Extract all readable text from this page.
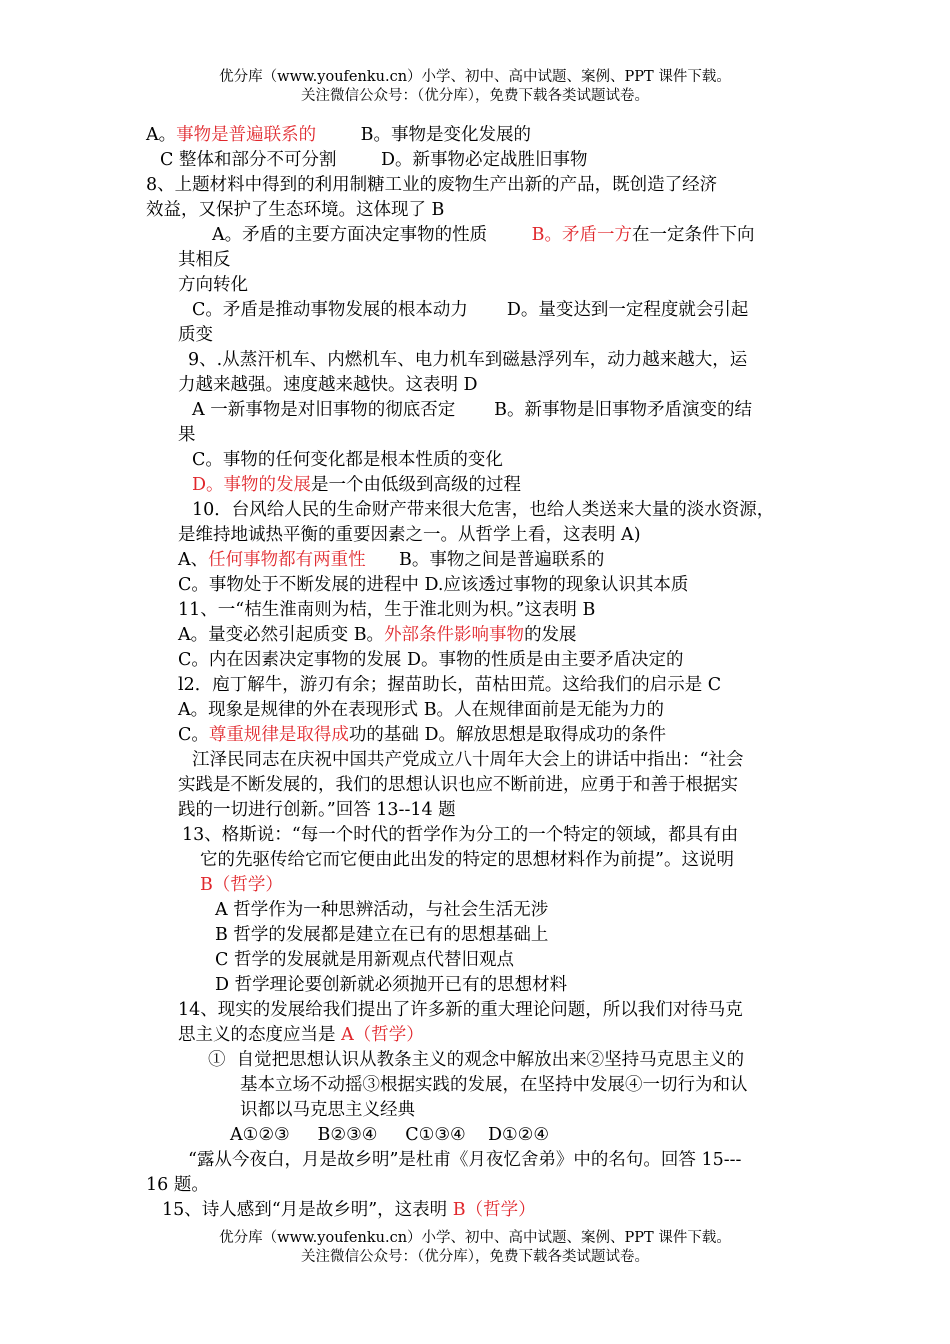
优分库（www.youfenku.cn）小学、初中、高中试题、案例、PPT 课件下载。
关注微信公众号：（优分库），免费下载各类试题试卷。
A。事物是普遍联系的        B。事物是变化发展的
C 整体和部分不可分割        D。新事物必定战胜旧事物
8、上题材料中得到的利用制糖工业的废物生产出新的产品，既创造了经济
效益，又保护了生态环境。这体现了 B
A。矛盾的主要方面决定事物的性质        B。矛盾一方在一定条件下向
其相反
方向转化
C。矛盾是推动事物发展的根本动力       D。量变达到一定程度就会引起
质变
9、.从蒸汗机车、内燃机车、电力机车到磁悬浮列车，动力越来越大，运
力越来越强。速度越来越快。这表明 D
A 一新事物是对旧事物的彻底否定       B。新事物是旧事物矛盾演变的结
果
C。事物的任何变化都是根本性质的变化
D。事物的发展是一个由低级到高级的过程
10．台风给人民的生命财产带来很大危害，也给人类送来大量的淡水资源，
是维持地诚热平衡的重要因素之一。从哲学上看，这表明 A)
A、任何事物都有两重性      B。事物之间是普遍联系的
C。事物处于不断发展的进程中 D.应该透过事物的现象认识其本质
11、一“桔生淮南则为桔，生于淮北则为枳。”这表明 B
A。量变必然引起质变 B。外部条件影响事物的发展
C。内在因素决定事物的发展 D。事物的性质是由主要矛盾决定的
l2．庖丁解牛，游刃有余；握苗助长，苗枯田荒。这给我们的启示是 C
A。现象是规律的外在表现形式 B。人在规律面前是无能为力的
C。尊重规律是取得成功的基础 D。解放思想是取得成功的条件
江泽民同志在庆祝中国共产党成立八十周年大会上的讲话中指出：“社会
实践是不断发展的，我们的思想认识也应不断前进，应勇于和善于根据实
践的一切进行创新。”回答 13--14 题
13、格斯说：“每一个时代的哲学作为分工的一个特定的领域，都具有由
它的先驱传给它而它便由此出发的特定的思想材料作为前提”。这说明
B（哲学）
A 哲学作为一种思辨活动，与社会生活无涉
B 哲学的发展都是建立在已有的思想基础上
C 哲学的发展就是用新观点代替旧观点
D 哲学理论要创新就必须抛开已有的思想材料
14、现实的发展给我们提出了许多新的重大理论问题，所以我们对待马克
思主义的态度应当是 A（哲学）
①  自觉把思想认识从教条主义的观念中解放出来②坚持马克思主义的
基本立场不动摇③根据实践的发展，在坚持中发展④一切行为和认
识都以马克思主义经典
A①②③     B②③④     C①③④    D①②④
“露从今夜白，月是故乡明”是杜甫《月夜忆舍弟》中的名句。回答 15---
16 题。
15、诗人感到“月是故乡明”，这表明 B（哲学）
优分库（www.youfenku.cn）小学、初中、高中试题、案例、PPT 课件下载。
关注微信公众号：（优分库），免费下载各类试题试卷。
